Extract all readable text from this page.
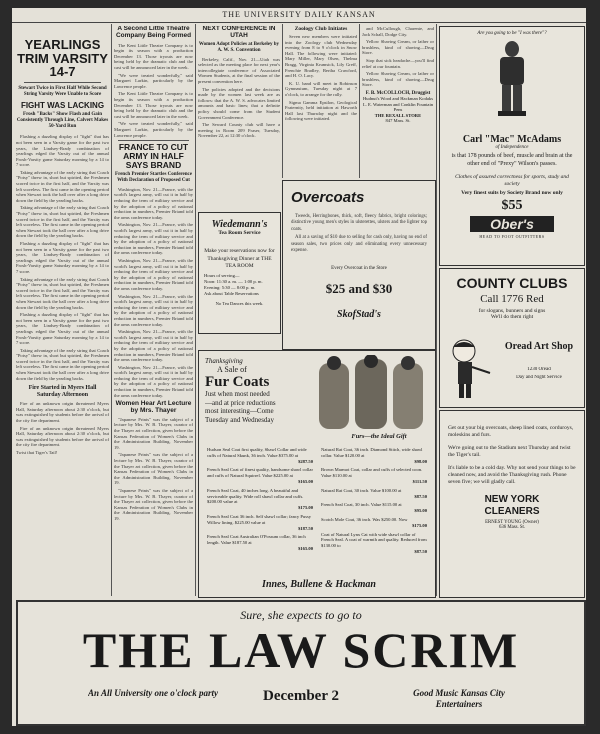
THE UNIVERSITY DAILY KANSAN
YEARLINGS TRIM VARSITY 14-7
Stewart Twice in First Half While Second String Varsity Were Unable to Score
FIGHT WAS LACKING
Frosh "Backs" Show Flash and Gain Consistently Through Line, Calvert Makes 50-Yard Run

Flashing a dazzling display of "fight" that has not been seen in a Varsity game for the past two years, the Lindsey-Brady combination of yearlings edged the Varsity out of the annual Frosh-Varsity game Saturday morning by a 14 to 7 score.

Taking advantage of the early string that Coach "Potsy" threw in, short but spirited, the Freshmen scored twice in the first half, and the Varsity was left scoreless. The first came in the opening period when Stewart took the ball over after a long drive down the field by the yearling backs.

Taking advantage of the early string that Coach "Potsy" threw in, short but spirited, the Freshmen scored twice in the first half, and the Varsity was left scoreless. The first came in the opening period when Stewart took the ball over after a long drive down the field by the yearling backs.

Flashing a dazzling display of "fight" that has not been seen in a Varsity game for the past two years, the Lindsey-Brady combination of yearlings edged the Varsity out of the annual Frosh-Varsity game Saturday morning by a 14 to 7 score.

Taking advantage of the early string that Coach "Potsy" threw in, short but spirited, the Freshmen scored twice in the first half, and the Varsity was left scoreless. The first came in the opening period when Stewart took the ball over after a long drive down the field by the yearling backs.

Flashing a dazzling display of "fight" that has not been seen in a Varsity game for the past two years, the Lindsey-Brady combination of yearlings edged the Varsity out of the annual Frosh-Varsity game Saturday morning by a 14 to 7 score.

Taking advantage of the early string that Coach "Potsy" threw in, short but spirited, the Freshmen scored twice in the first half, and the Varsity was left scoreless. The first came in the opening period when Stewart took the ball over after a long drive down the field by the yearling backs.

Fire Started in Myers Hall Saturday Afternoon

Fire of an unknown origin threatened Myers Hall, Saturday afternoon about 2:30 o'clock, but was extinguished by students before the arrival of the city fire department.

Fire of an unknown origin threatened Myers Hall, Saturday afternoon about 2:30 o'clock, but was extinguished by students before the arrival of the city fire department.

Twist that Tiger's Tail!
A Second Little Theatre Company Being Formed

The Kent Little Theatre Company is to begin its season with a production December 13. Those tryouts are now being held by the dramatic club and the cast will be announced later in the week.

"We were treated wonderfully," said Margaret Larkin, particularly by the Lawrence people.

The Kent Little Theatre Company is to begin its season with a production December 13. Those tryouts are now being held by the dramatic club and the cast will be announced later in the week.

"We were treated wonderfully," said Margaret Larkin, particularly by the Lawrence people.

FRANCE TO CUT ARMY IN HALF SAYS BRAND
French Premier Startles Conference With Declaration of Proposed Cut

Washington, Nov. 21—France, with the world's largest army, will cut it in half by reducing the term of military service and by the adoption of a policy of national reduction in numbers, Premier Briand told the arms conference today.

Washington, Nov. 21—France, with the world's largest army, will cut it in half by reducing the term of military service and by the adoption of a policy of national reduction in numbers, Premier Briand told the arms conference today.

Washington, Nov. 21—France, with the world's largest army, will cut it in half by reducing the term of military service and by the adoption of a policy of national reduction in numbers, Premier Briand told the arms conference today.

Washington, Nov. 21—France, with the world's largest army, will cut it in half by reducing the term of military service and by the adoption of a policy of national reduction in numbers, Premier Briand told the arms conference today.

Washington, Nov. 21—France, with the world's largest army, will cut it in half by reducing the term of military service and by the adoption of a policy of national reduction in numbers, Premier Briand told the arms conference today.

Washington, Nov. 21—France, with the world's largest army, will cut it in half by reducing the term of military service and by the adoption of a policy of national reduction in numbers, Premier Briand told the arms conference today.

Women Hear Art Lecture by Mrs. Thayer

"Japanese Prints" was the subject of a lecture by Mrs. W. B. Thayer, curator of the Thayer art collection, given before the Kansas Federation of Women's Clubs in the Administration Building, November 19.

"Japanese Prints" was the subject of a lecture by Mrs. W. B. Thayer, curator of the Thayer art collection, given before the Kansas Federation of Women's Clubs in the Administration Building, November 19.

"Japanese Prints" was the subject of a lecture by Mrs. W. B. Thayer, curator of the Thayer art collection, given before the Kansas Federation of Women's Clubs in the Administration Building, November 19.

NEXT CONFERENCE IN UTAH
Women Adopt Policies at Berkeley by A. W. S. Convention

Berkeley, Calif., Nov. 21—Utah was selected as the meeting place for next year's intercollegiate conference of Associated Women Students, at the final session of the present convention here.

The policies adopted and the decisions made by the women last week are as follows: that the A. W. S. advocates limited amounts and basic lines; that a definite policy should come from the Student Government Conference.

The Seward County club will have a meeting in Room 209 Fraser, Tuesday, November 22, at 12:30 o'clock.

Wiedemann's
Tea Room Service
Make your reservations now for
Thanksgiving Dinner at THE TEA ROOM
Hours of serving—
Noon: 11:30 a. m. — 1:00 p. m.
Evening: 5:30 — 8:00 p. m.
Ask about Table Reservations
No Tea Dances this week.
Zoology Club Initiates

Seven new members were initiated into the Zoology club Wednesday evening from 8 to 9 o'clock in Snow Hall. The following were initiated: Mary Miller, Mary Olsen, Thelma Bragg, Virginia Krumsick, Lily Greff, Frenchie Bradley, Bertha Crawford, and H. O. Lacy.

K. U. band will meet in Robinson Gymnasium, Tuesday night at 7 o'clock, to arrange for the rally.

Sigma Gamma Epsilon, Geological Fraternity, held initiation at Haworth Hall last Thursday night and the following were initiated.

and McCullough, Charente, and Jack Schall, Dodge City.

Yellow Shaving Cream, or lather or brushless, kind of shaving—Drug Store.

Stop that sick headache—you'll find relief at our fountain.

Yellow Shaving Cream, or lather or brushless, kind of shaving—Drug Store.

F. B. McCOLLOCH, Druggist
Hudnut's Wood and Hackman Kodaks
L. E. Waterman and Conklin Fountain Pens
THE REXALL STORE
847 Mass. St.
Overcoats

Tweeds, Herringbones, thick, soft, fleecy fabrics, bright colorings; distinctive young men's styles in ulsterettes, ulsters and the lighter top coats.

All at a saving of $10 due to selling for cash only, having no end of season sales, two prices only and eliminating every unnecessary expense.

Every Overcoat in the Store
$25 and $30
SkofStad's
Are you going to be "I was there"?
Carl "Mac" McAdams
of Independence
is that 178 pounds of beef, muscle and brain at the other end of "Prexy" Wilson's passes.
Clothes of assured correctness for sports, study and society
Very finest suits by Society Brand now only
$55
Ober's
HEAD TO FOOT OUTFITTERS
COUNTY CLUBS
Call 1776 Red
for slogans, bunners and signs
We'll do them right
Oread Art Shop
1230 Oread
Day and Night Service

Get out your big overcoats, sheep lined coats, corduroys, moleskins and furs.

We're going out to the Stadium next Thursday and twist the Tiger's tail.

It's liable to be a cold day. Why not send your things to be cleaned now, and avoid the Thanksgiving rush. Phone seven five; we will gladly call.

NEW YORK CLEANERS
ERNEST YOUNG (Owner)
636 Mass. St.
Thanksgiving
A Sale of
Fur Coats
Just when most needed
—and at price reductions
most interesting—Come
Tuesday and Wednesday
Furs—the Ideal Gift
Hudson Seal Coat first quality, Shawl Collar and wide cuffs of Natural Skunk, 36 inch. Value $375.00 at
$287.50
French Seal Coat of finest quality, handsome shawl collar and cuffs of Natural Squirrel. Value $225.00 at
$165.00
French Seal Coat, 40 inches long. A beautiful and serviceable quality. Wide roll shawl collar and cuffs. $200.00 value at
$175.00
French Seal Coat 36 inch. Self shawl collar; fancy Pussy Willow lining. $225.00 value at
$187.50
French Seal Coat Australian O'Possum collar, 36 inch length. Value $187.50 at
$165.00
Natural Rat Coat, 36 inch. Diamond Stitch, wide shawl collar. Value $120.00 at
$98.00
Brown Marmot Coat, collar and cuffs of selected coon. Value $110.00 at
$111.50
Natural Rat Coat, 30 inch. Value $100.00 at
$87.50
French Seal Coat, 30 inch. Value $115.00 at
$95.00
Scotch Mole Coat, 36 inch. Was $250.00. Now
$175.00
Coat of Natural Lynx Cat with wide shawl collar of French Seal. A coat of warmth and quality. Reduced from $130.00 to
$87.50
Innes, Bullene & Hackman
Sure, she expects to go to
THE LAW SCRIM
An All University one o'clock party	December 2	Good Music Kansas City Entertainers
